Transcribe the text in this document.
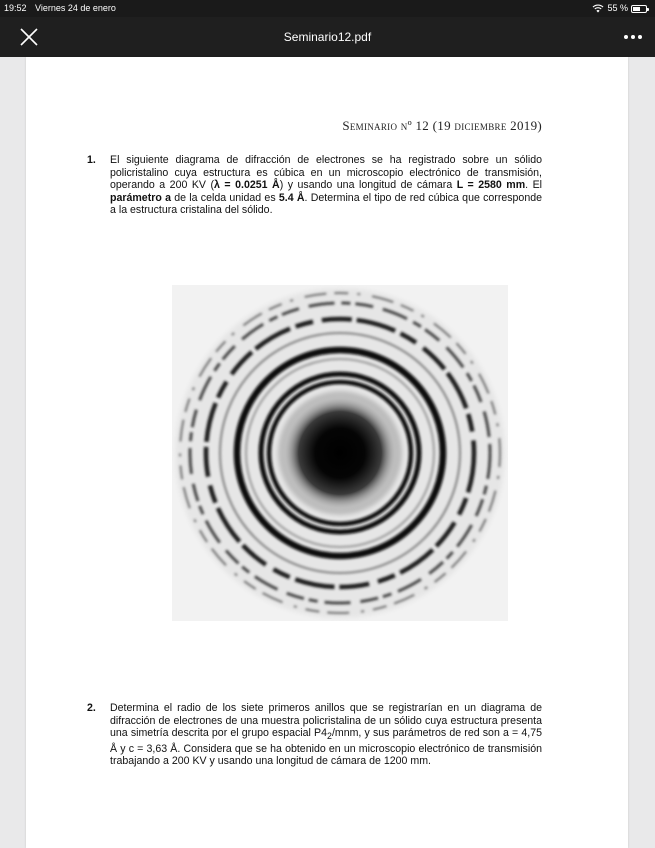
19:52 Viernes 24 de enero	55 %
Seminario12.pdf
Seminario nº 12 (19 diciembre 2019)
1. El siguiente diagrama de difracción de electrones se ha registrado sobre un sólido policristalino cuya estructura es cúbica en un microscopio electrónico de transmisión, operando a 200 KV (λ = 0.0251 Å) y usando una longitud de cámara L = 2580 mm. El parámetro a de la celda unidad es 5.4 Å. Determina el tipo de red cúbica que corresponde a la estructura cristalina del sólido.
2. Determina el radio de los siete primeros anillos que se registrarían en un diagrama de difracción de electrones de una muestra policristalina de un sólido cuya estructura presenta una simetría descrita por el grupo espacial $P4_2$/mnm, y sus parámetros de red son a = 4,75 Å y c = 3,63 Å. Considera que se ha obtenido en un microscopio electrónico de transmisión trabajando a 200 KV y usando una longitud de cámara de 1200 mm.
